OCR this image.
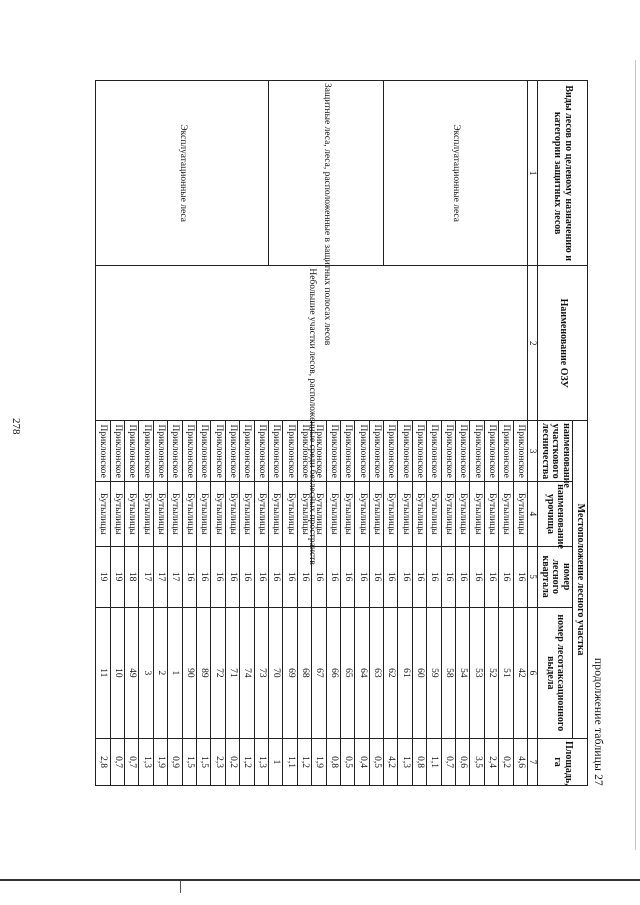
278
продолжение таблицы 27
Виды лесов по целевому назначению и категории защитных лесов	Наименование ОЗУ	Местоположение лесного участка				Площадь, га
		наименование участкового лесничества	наименование урочища	номер лесного квартала	номер лесотаксационного выдела	
1	2	3	4	5	6	7
Эксплуатационные леса	Небольшие участки лесов, расположенные среди безлесных пространств	Приклонское	Бутылицы	16	42	4,6
		Приклонское	Бутылицы	16	51	0,2
		Приклонское	Бутылицы	16	52	2,4
		Приклонское	Бутылицы	16	53	3,5
		Приклонское	Бутылицы	16	54	0,6
		Приклонское	Бутылицы	16	58	0,7
		Приклонское	Бутылицы	16	59	1,1
		Приклонское	Бутылицы	16	60	0,8
		Приклонское	Бутылицы	16	61	1,3
		Приклонское	Бутылицы	16	62	4,2
Защитные леса, леса, расположенные в защитных полосах лесов		Приклонское	Бутылицы	16	63	0,5
		Приклонское	Бутылицы	16	64	0,4
		Приклонское	Бутылицы	16	65	0,5
		Приклонское	Бутылицы	16	66	0,8
		Приклонское	Бутылицы	16	67	1,9
		Приклонское	Бутылицы	16	68	1,2
		Приклонское	Бутылицы	16	69	1,1
		Приклонское	Бутылицы	16	70	1
Эксплуатационные леса		Приклонское	Бутылицы	16	73	1,3
		Приклонское	Бутылицы	16	74	1,2
		Приклонское	Бутылицы	16	71	0,2
		Приклонское	Бутылицы	16	72	2,3
		Приклонское	Бутылицы	16	89	1,5
		Приклонское	Бутылицы	16	90	1,5
		Приклонское	Бутылицы	17	1	0,9
		Приклонское	Бутылицы	17	2	1,9
		Приклонское	Бутылицы	17	3	1,3
		Приклонское	Бутылицы	18	49	0,7
		Приклонское	Бутылицы	19	10	0,7
		Приклонское	Бутылицы	19	11	2,8
